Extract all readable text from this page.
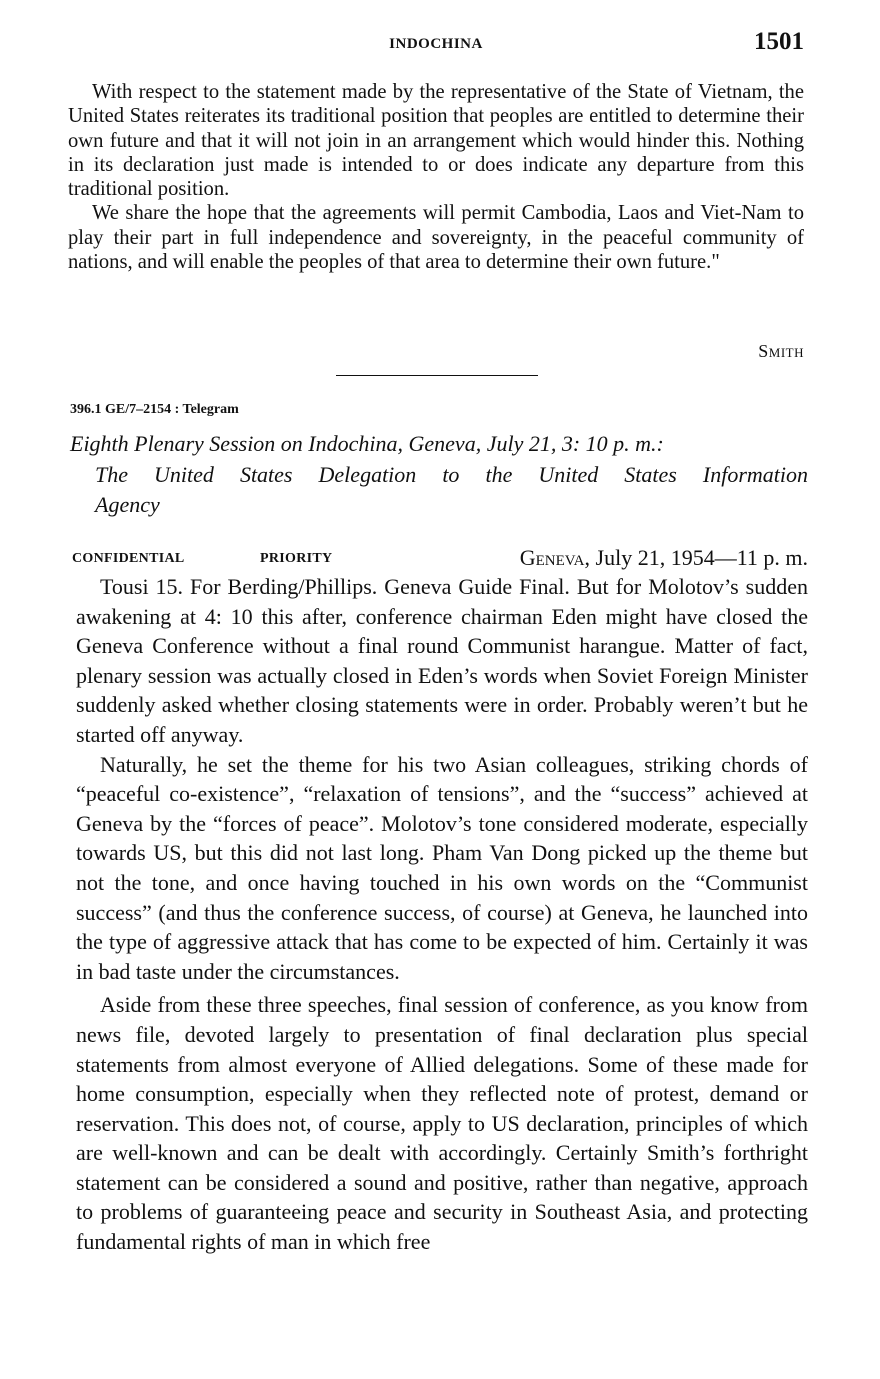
INDOCHINA	1501

With respect to the statement made by the representative of the State of Vietnam, the United States reiterates its traditional position that peoples are entitled to determine their own future and that it will not join in an arrangement which would hinder this. Nothing in its declaration just made is intended to or does indicate any departure from this traditional position.

We share the hope that the agreements will permit Cambodia, Laos and Viet-Nam to play their part in full independence and sovereignty, in the peaceful community of nations, and will enable the peoples of that area to determine their own future."

Smith
396.1 GE/7–2154 : Telegram
Eighth Plenary Session on Indochina, Geneva, July 21, 3: 10 p. m.:
The United States Delegation to the United States Information
Agency
CONFIDENTIAL	PRIORITY	Geneva, July 21, 1954—11 p. m.

Tousi 15. For Berding/Phillips. Geneva Guide Final. But for Molotov’s sudden awakening at 4: 10 this after, conference chairman Eden might have closed the Geneva Conference without a final round Communist harangue. Matter of fact, plenary session was actually closed in Eden’s words when Soviet Foreign Minister suddenly asked whether closing statements were in order. Probably weren’t but he started off anyway.

Naturally, he set the theme for his two Asian colleagues, striking chords of “peaceful co-existence”, “relaxation of tensions”, and the “success” achieved at Geneva by the “forces of peace”. Molotov’s tone considered moderate, especially towards US, but this did not last long. Pham Van Dong picked up the theme but not the tone, and once having touched in his own words on the “Communist success” (and thus the conference success, of course) at Geneva, he launched into the type of aggressive attack that has come to be expected of him. Certainly it was in bad taste under the circumstances.

Aside from these three speeches, final session of conference, as you know from news file, devoted largely to presentation of final declaration plus special statements from almost everyone of Allied delegations. Some of these made for home consumption, especially when they reflected note of protest, demand or reservation. This does not, of course, apply to US declaration, principles of which are well-known and can be dealt with accordingly. Certainly Smith’s forthright statement can be considered a sound and positive, rather than negative, approach to problems of guaranteeing peace and security in Southeast Asia, and protecting fundamental rights of man in which free
